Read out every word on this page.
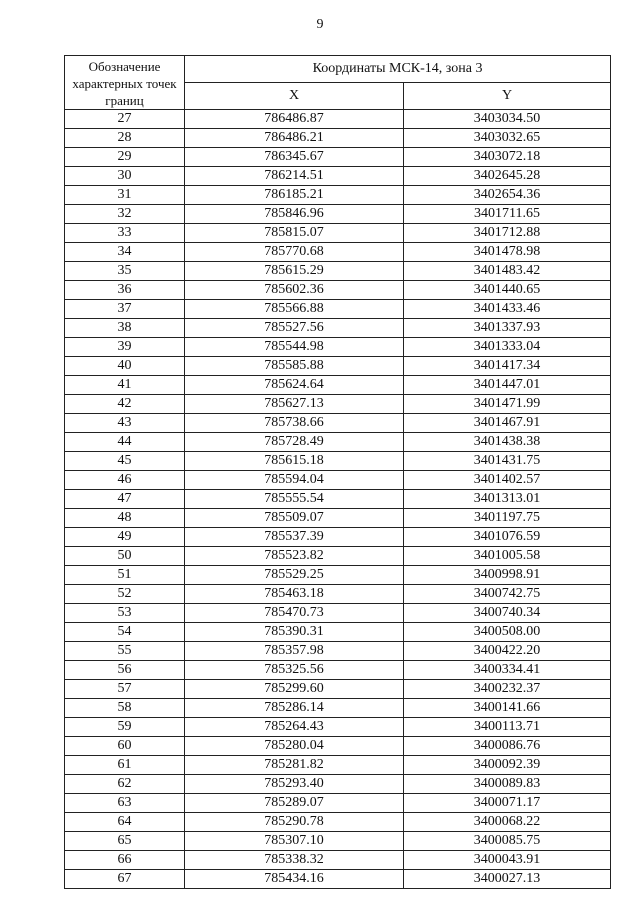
9
Обозначение характерных точек границ	Координаты МСК-14, зона 3	
	X	Y
27	786486.87	3403034.50
28	786486.21	3403032.65
29	786345.67	3403072.18
30	786214.51	3402645.28
31	786185.21	3402654.36
32	785846.96	3401711.65
33	785815.07	3401712.88
34	785770.68	3401478.98
35	785615.29	3401483.42
36	785602.36	3401440.65
37	785566.88	3401433.46
38	785527.56	3401337.93
39	785544.98	3401333.04
40	785585.88	3401417.34
41	785624.64	3401447.01
42	785627.13	3401471.99
43	785738.66	3401467.91
44	785728.49	3401438.38
45	785615.18	3401431.75
46	785594.04	3401402.57
47	785555.54	3401313.01
48	785509.07	3401197.75
49	785537.39	3401076.59
50	785523.82	3401005.58
51	785529.25	3400998.91
52	785463.18	3400742.75
53	785470.73	3400740.34
54	785390.31	3400508.00
55	785357.98	3400422.20
56	785325.56	3400334.41
57	785299.60	3400232.37
58	785286.14	3400141.66
59	785264.43	3400113.71
60	785280.04	3400086.76
61	785281.82	3400092.39
62	785293.40	3400089.83
63	785289.07	3400071.17
64	785290.78	3400068.22
65	785307.10	3400085.75
66	785338.32	3400043.91
67	785434.16	3400027.13
